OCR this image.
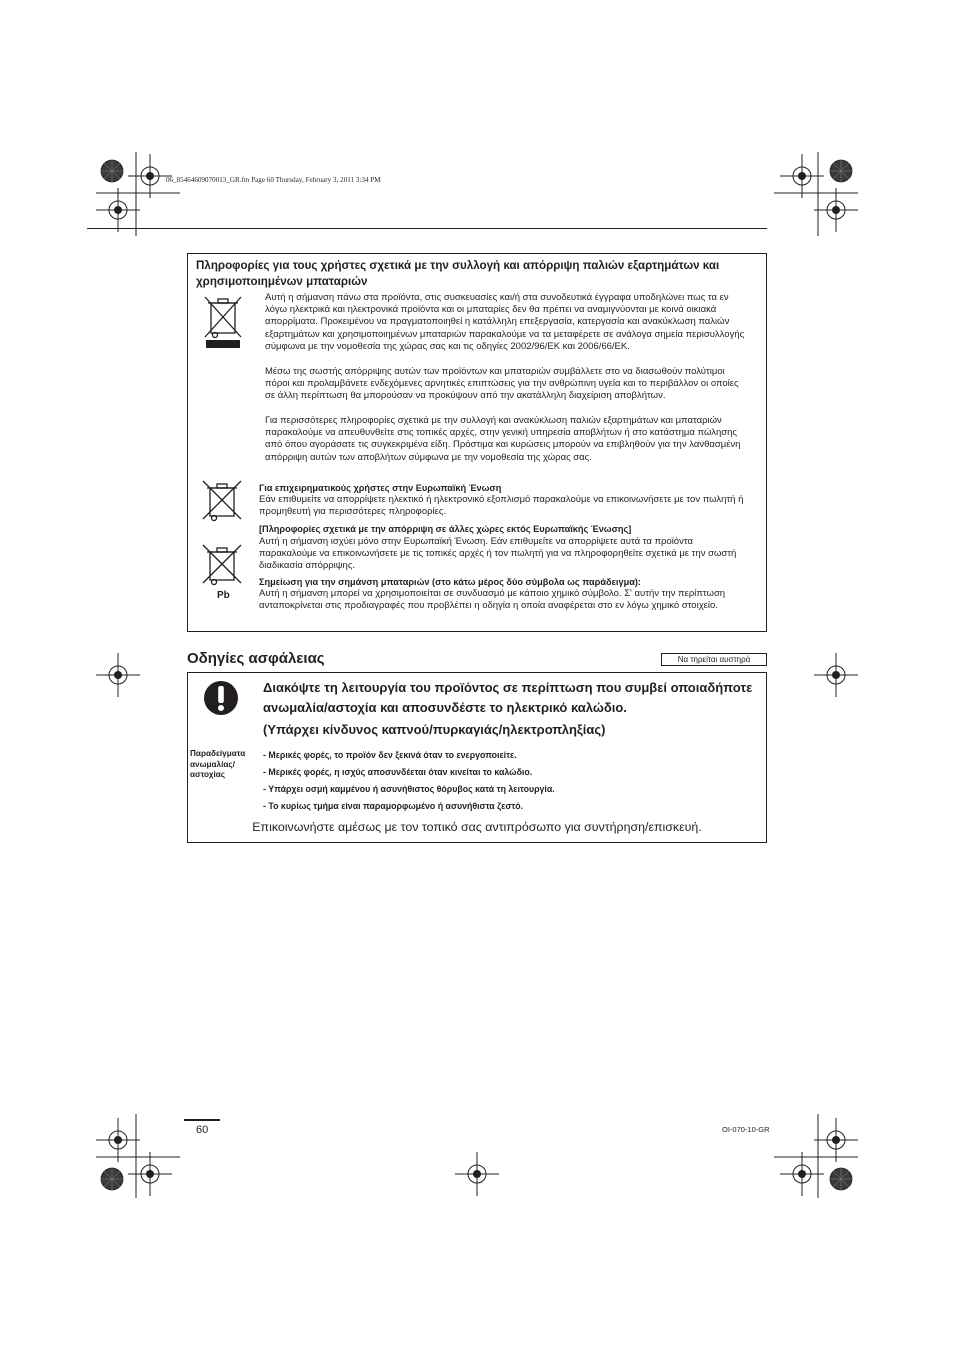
06_85464609070013_GR.fm Page 60 Thursday, February 3, 2011 3:34 PM
Πληροφορίες για τους χρήστες σχετικά με την συλλογή και απόρριψη παλιών εξαρτημάτων και χρησιμοποιημένων μπαταριών
Αυτή η σήμανση πάνω στα προϊόντα, στις συσκευασίες και/ή στα συνοδευτικά έγγραφα υποδηλώνει πως τα εν λόγω ηλεκτρικά και ηλεκτρονικά προϊόντα και οι μπαταρίες δεν θα πρέπει να αναμιγνύονται με κοινά οικιακά απορρίματα. Προκειμένου να πραγματοποιηθεί η κατάλληλη επεξεργασία, κατεργασία και ανακύκλωση παλιών εξαρτημάτων και χρησιμοποιημένων μπαταριών παρακαλούμε να τα μεταφέρετε σε ανάλογα σημεία περισυλλογής σύμφωνα με την νομοθεσία της χώρας σας και τις οδηγίες 2002/96/ΕΚ και 2006/66/ΕΚ.
Μέσω της σωστής απόρριψης αυτών των προϊόντων και μπαταριών συμβάλλετε στο να διασωθούν πολύτιμοι πόροι και προλαμβάνετε ενδεχόμενες αρνητικές επιπτώσεις για την ανθρώπινη υγεία και το περιβάλλον οι οποίες σε άλλη περίπτωση θα μπορούσαν να προκύψουν από την ακατάλληλη διαχείριση αποβλήτων.
Για περισσότερες πληροφορίες σχετικά με την συλλογή και ανακύκλωση παλιών εξαρτημάτων και μπαταριών παρακαλούμε να απευθυνθείτε στις τοπικές αρχές, στην γενική υπηρεσία αποβλήτων ή στο κατάστημα πώλησης από όπου αγοράσατε τις συγκεκριμένα είδη. Πρόστιμα και κυρώσεις μπορούν να επιβληθούν για την λανθασμένη απόρριψη αυτών των αποβλήτων σύμφωνα με την νομοθεσία της χώρας σας.
Για επιχειρηματικούς χρήστες στην Ευρωπαϊκή Ένωση
Εάν επιθυμείτε να απορρίψετε ηλεκτικό ή ηλεκτρονικό εξοπλισμό παρακαλούμε να επικοινωνήσετε με τον πωλητή ή προμηθευτή για περισσότερες πληροφορίες.
[Πληροφορίες σχετικά με την απόρριψη σε άλλες χώρες εκτός Ευρωπαϊκής Ένωσης]
Αυτή η σήμανση ισχύει μόνο στην Ευρωπαϊκή Ένωση. Εάν επιθυμείτε να απορρίψετε αυτά τα προϊόντα παρακαλούμε να επικοινωνήσετε με τις τοπικές αρχές ή τον πωλητή για να πληροφορηθείτε σχετικά με την σωστή διαδικασία απόρριψης.
Pb
Σημείωση για την σημάνση μπαταριών (στο κάτω μέρος δύο σύμβολα ως παράδειγμα):
Αυτή η σήμανση μπορεί να χρησιμοποιείται σε συνδυασμό με κάποιο χημικό σύμβολο. Σ' αυτήν την περίπτωση ανταποκρίνεται στις προδιαγραφές που προβλέπει η οδηγία η οποία αναφέρεται στο εν λόγω χημικό στοιχείο.
Οδηγίες ασφάλειας	Να τηρείται αυστηρά
Διακόψτε τη λειτουργία του προϊόντος σε περίπτωση που συμβεί οποιαδήποτε ανωμαλία/αστοχία και αποσυνδέστε το ηλεκτρικό καλώδιο.
(Υπάρχει κίνδυνος καπνού/πυρκαγιάς/ηλεκτροπληξίας)
Παραδείγματα ανωμαλίας/ αστοχίας
- Μερικές φορές, το προϊόν δεν ξεκινά όταν το ενεργοποιείτε.
- Μερικές φορές, η ισχύς αποσυνδέεται όταν κινείται το καλώδιο.
- Υπάρχει οσμή καμμένου ή ασυνήθιστος θόρυβος κατά τη λειτουργία.
- Το κυρίως τμήμα είναι παραμορφωμένο ή ασυνήθιστα ζεστό.
Επικοινωνήστε αμέσως με τον τοπικό σας αντιπρόσωπο για συντήρηση/επισκευή.
60	OI-070-10-GR
